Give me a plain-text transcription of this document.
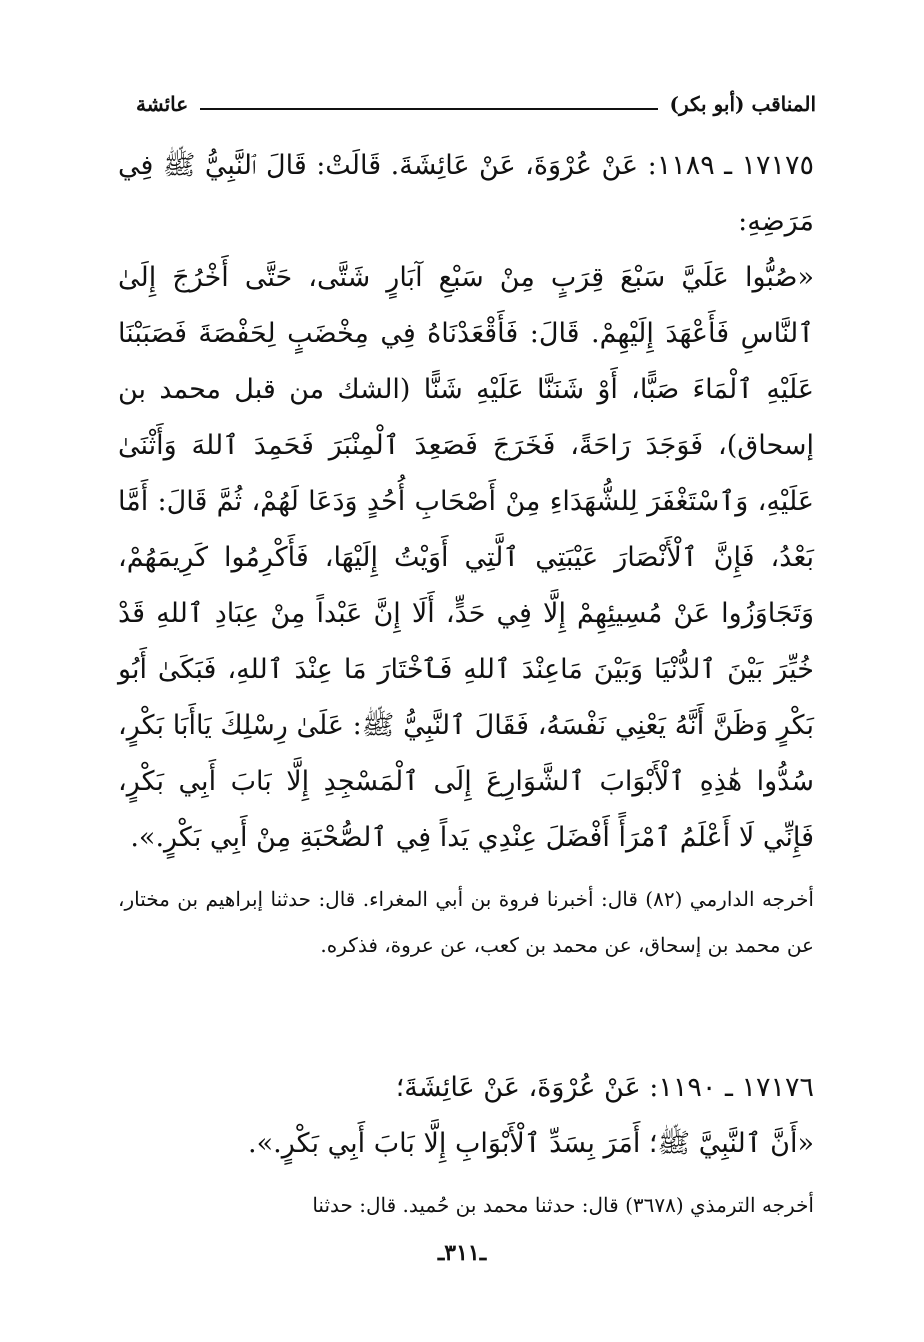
المناقب (أبو بكر)
عائشة

١٧١٧٥ ـ ١١٨٩: عَنْ عُرْوَةَ، عَنْ عَائِشَةَ. قَالَتْ: قَالَ ٱلنَّبِيُّ ﷺ فِي مَرَضِهِ:

«صُبُّوا عَلَيَّ سَبْعَ قِرَبٍ مِنْ سَبْعِ آبَارٍ شَتَّى، حَتَّى أَخْرُجَ إِلَىٰ ٱلنَّاسِ فَأَعْهَدَ إِلَيْهِمْ. قَالَ: فَأَقْعَدْنَاهُ فِي مِخْضَبٍ لِحَفْصَةَ فَصَبَبْنَا عَلَيْهِ ٱلْمَاءَ صَبًّا، أَوْ شَنَنَّا عَلَيْهِ شَنًّا (الشك من قبل محمد بن إسحاق)، فَوَجَدَ رَاحَةً، فَخَرَجَ فَصَعِدَ ٱلْمِنْبَرَ فَحَمِدَ ٱللهَ وَأَثْنَىٰ عَلَيْهِ، وَٱسْتَغْفَرَ لِلشُّهَدَاءِ مِنْ أَصْحَابِ أُحُدٍ وَدَعَا لَهُمْ، ثُمَّ قَالَ: أَمَّا بَعْدُ، فَإِنَّ ٱلْأَنْصَارَ عَيْبَتِي ٱلَّتِي أَوَيْتُ إِلَيْهَا، فَأَكْرِمُوا كَرِيمَهُمْ، وَتَجَاوَزُوا عَنْ مُسِيئِهِمْ إِلَّا فِي حَدٍّ، أَلَا إِنَّ عَبْداً مِنْ عِبَادِ ٱللهِ قَدْ خُيِّرَ بَيْنَ ٱلدُّنْيَا وَبَيْنَ مَاعِنْدَ ٱللهِ فَٱخْتَارَ مَا عِنْدَ ٱللهِ، فَبَكَىٰ أَبُو بَكْرٍ وَظَنَّ أَنَّهُ يَعْنِي نَفْسَهُ، فَقَالَ ٱلنَّبِيُّ ﷺ: عَلَىٰ رِسْلِكَ يَاأَبَا بَكْرٍ، سُدُّوا هَٰذِهِ ٱلْأَبْوَابَ ٱلشَّوَارِعَ إِلَى ٱلْمَسْجِدِ إِلَّا بَابَ أَبِي بَكْرٍ، فَإِنِّي لَا أَعْلَمُ ٱمْرَأً أَفْضَلَ عِنْدِي يَداً فِي ٱلصُّحْبَةِ مِنْ أَبِي بَكْرٍ.».

أخرجه الدارمي (٨٢) قال: أخبرنا فروة بن أبي المغراء. قال: حدثنا إبراهيم بن مختار، عن محمد بن إسحاق، عن محمد بن كعب، عن عروة، فذكره.

١٧١٧٦ ـ ١١٩٠: عَنْ عُرْوَةَ، عَنْ عَائِشَةَ؛

«أَنَّ ٱلنَّبِيَّ ﷺ؛ أَمَرَ بِسَدِّ ٱلْأَبْوَابِ إِلَّا بَابَ أَبِي بَكْرٍ.».

أخرجه الترمذي (٣٦٧٨) قال: حدثنا محمد بن حُميد. قال: حدثنا

ـ٣١١ـ
